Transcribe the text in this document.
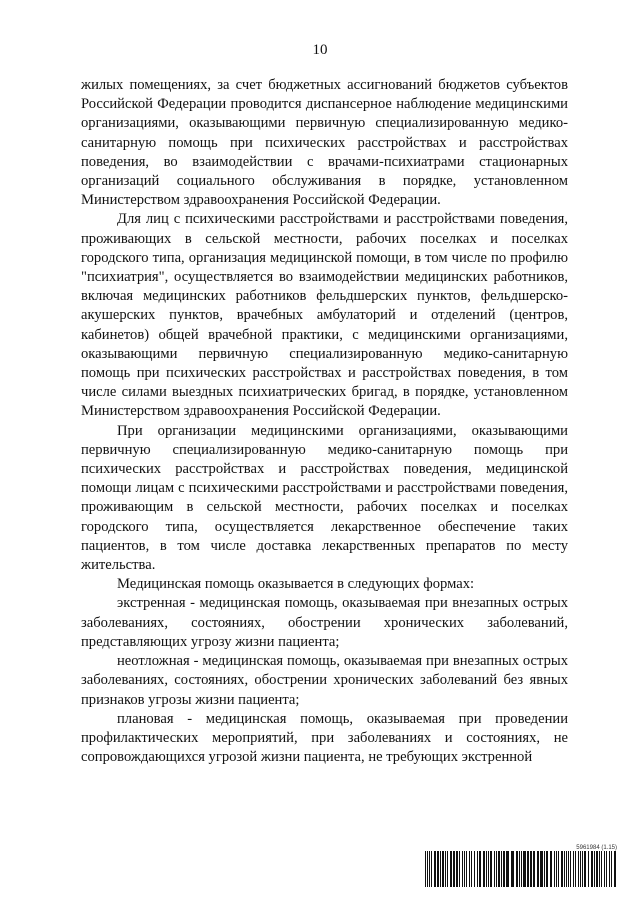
10

жилых помещениях, за счет бюджетных ассигнований бюджетов субъектов Российской Федерации проводится диспансерное наблюдение медицинскими организациями, оказывающими первичную специализированную медико-санитарную помощь при психических расстройствах и расстройствах поведения, во взаимодействии с врачами-психиатрами стационарных организаций социального обслуживания в порядке, установленном Министерством здравоохранения Российской Федерации.

Для лиц с психическими расстройствами и расстройствами поведения, проживающих в сельской местности, рабочих поселках и поселках городского типа, организация медицинской помощи, в том числе по профилю "психиатрия", осуществляется во взаимодействии медицинских работников, включая медицинских работников фельдшерских пунктов, фельдшерско-акушерских пунктов, врачебных амбулаторий и отделений (центров, кабинетов) общей врачебной практики, с медицинскими организациями, оказывающими первичную специализированную медико-санитарную помощь при психических расстройствах и расстройствах поведения, в том числе силами выездных психиатрических бригад, в порядке, установленном Министерством здравоохранения Российской Федерации.

При организации медицинскими организациями, оказывающими первичную специализированную медико-санитарную помощь при психических расстройствах и расстройствах поведения, медицинской помощи лицам с психическими расстройствами и расстройствами поведения, проживающим в сельской местности, рабочих поселках и поселках городского типа, осуществляется лекарственное обеспечение таких пациентов, в том числе доставка лекарственных препаратов по месту жительства.

Медицинская помощь оказывается в следующих формах:

экстренная - медицинская помощь, оказываемая при внезапных острых заболеваниях, состояниях, обострении хронических заболеваний, представляющих угрозу жизни пациента;

неотложная - медицинская помощь, оказываемая при внезапных острых заболеваниях, состояниях, обострении хронических заболеваний без явных признаков угрозы жизни пациента;

плановая - медицинская помощь, оказываемая при проведении профилактических мероприятий, при заболеваниях и состояниях, не сопровождающихся угрозой жизни пациента, не требующих экстренной

5961984 (1.15)
